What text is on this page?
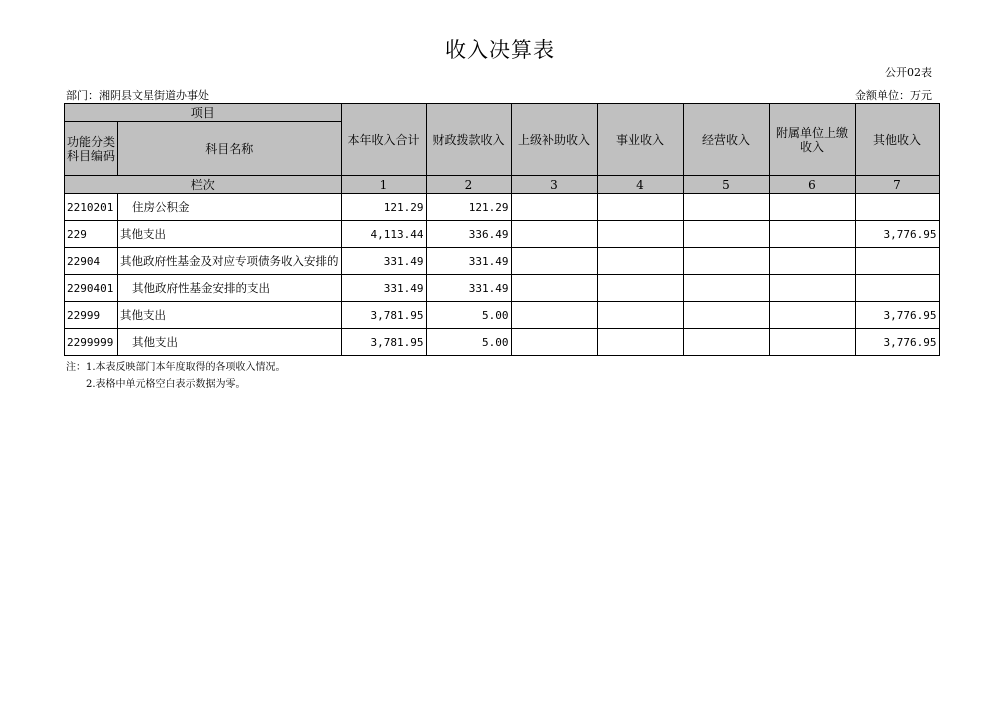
收入决算表
公开02表
部门：湘阴县文星街道办事处	金额单位：万元
项目		本年收入合计	财政拨款收入	上级补助收入	事业收入	经营收入	附属单位上缴收入	其他收入
功能分类科目编码	科目名称							
栏次		1	2	3	4	5	6	7
2210201	住房公积金	121.29	121.29					
229	其他支出	4,113.44	336.49					3,776.95
22904	其他政府性基金及对应专项债务收入安排的	331.49	331.49					
2290401	其他政府性基金安排的支出	331.49	331.49					
22999	其他支出	3,781.95	5.00					3,776.95
2299999	其他支出	3,781.95	5.00					3,776.95
注：1.本表反映部门本年度取得的各项收入情况。
2.表格中单元格空白表示数据为零。
